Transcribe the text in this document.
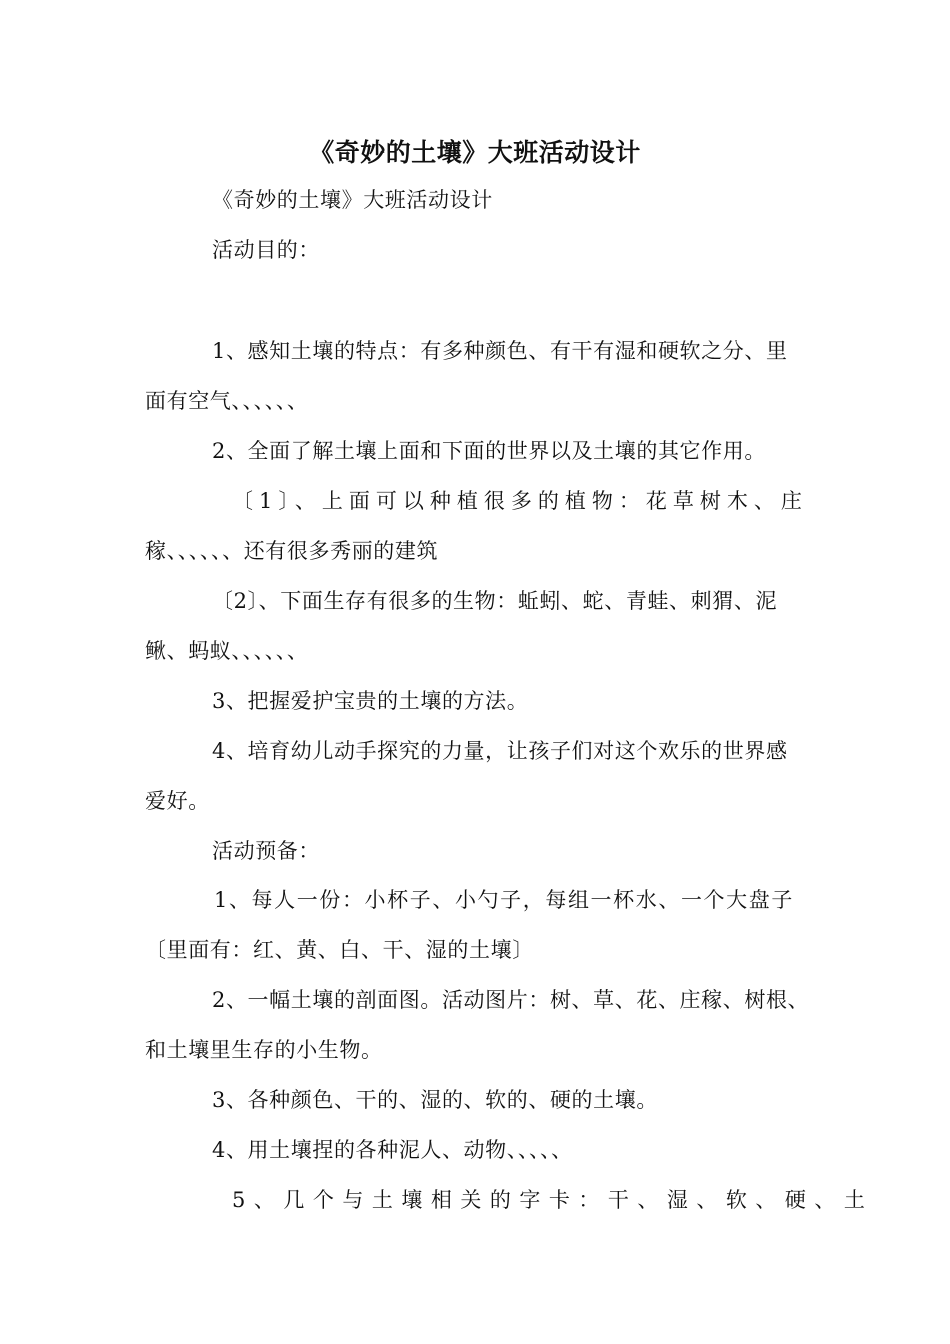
《奇妙的土壤》大班活动设计
《奇妙的土壤》大班活动设计
活动目的：
1、感知土壤的特点：有多种颜色、有干有湿和硬软之分、里
面有空气、、、、、、
2、全面了解土壤上面和下面的世界以及土壤的其它作用。
〔1〕、上面可以种植很多的植物：花草树木、庄
稼、、、、、、还有很多秀丽的建筑
〔2〕、下面生存有很多的生物：蚯蚓、蛇、青蛙、刺猬、泥
鳅、蚂蚁、、、、、、
3、把握爱护宝贵的土壤的方法。
4、培育幼儿动手探究的力量，让孩子们对这个欢乐的世界感
爱好。
活动预备：
1、每人一份：小杯子、小勺子，每组一杯水、一个大盘子
〔里面有：红、黄、白、干、湿的土壤〕
2、一幅土壤的剖面图。活动图片：树、草、花、庄稼、树根、
和土壤里生存的小生物。
3、各种颜色、干的、湿的、软的、硬的土壤。
4、用土壤捏的各种泥人、动物、、、、、
5、几个与土壤相关的字卡：干、湿、软、硬、土
